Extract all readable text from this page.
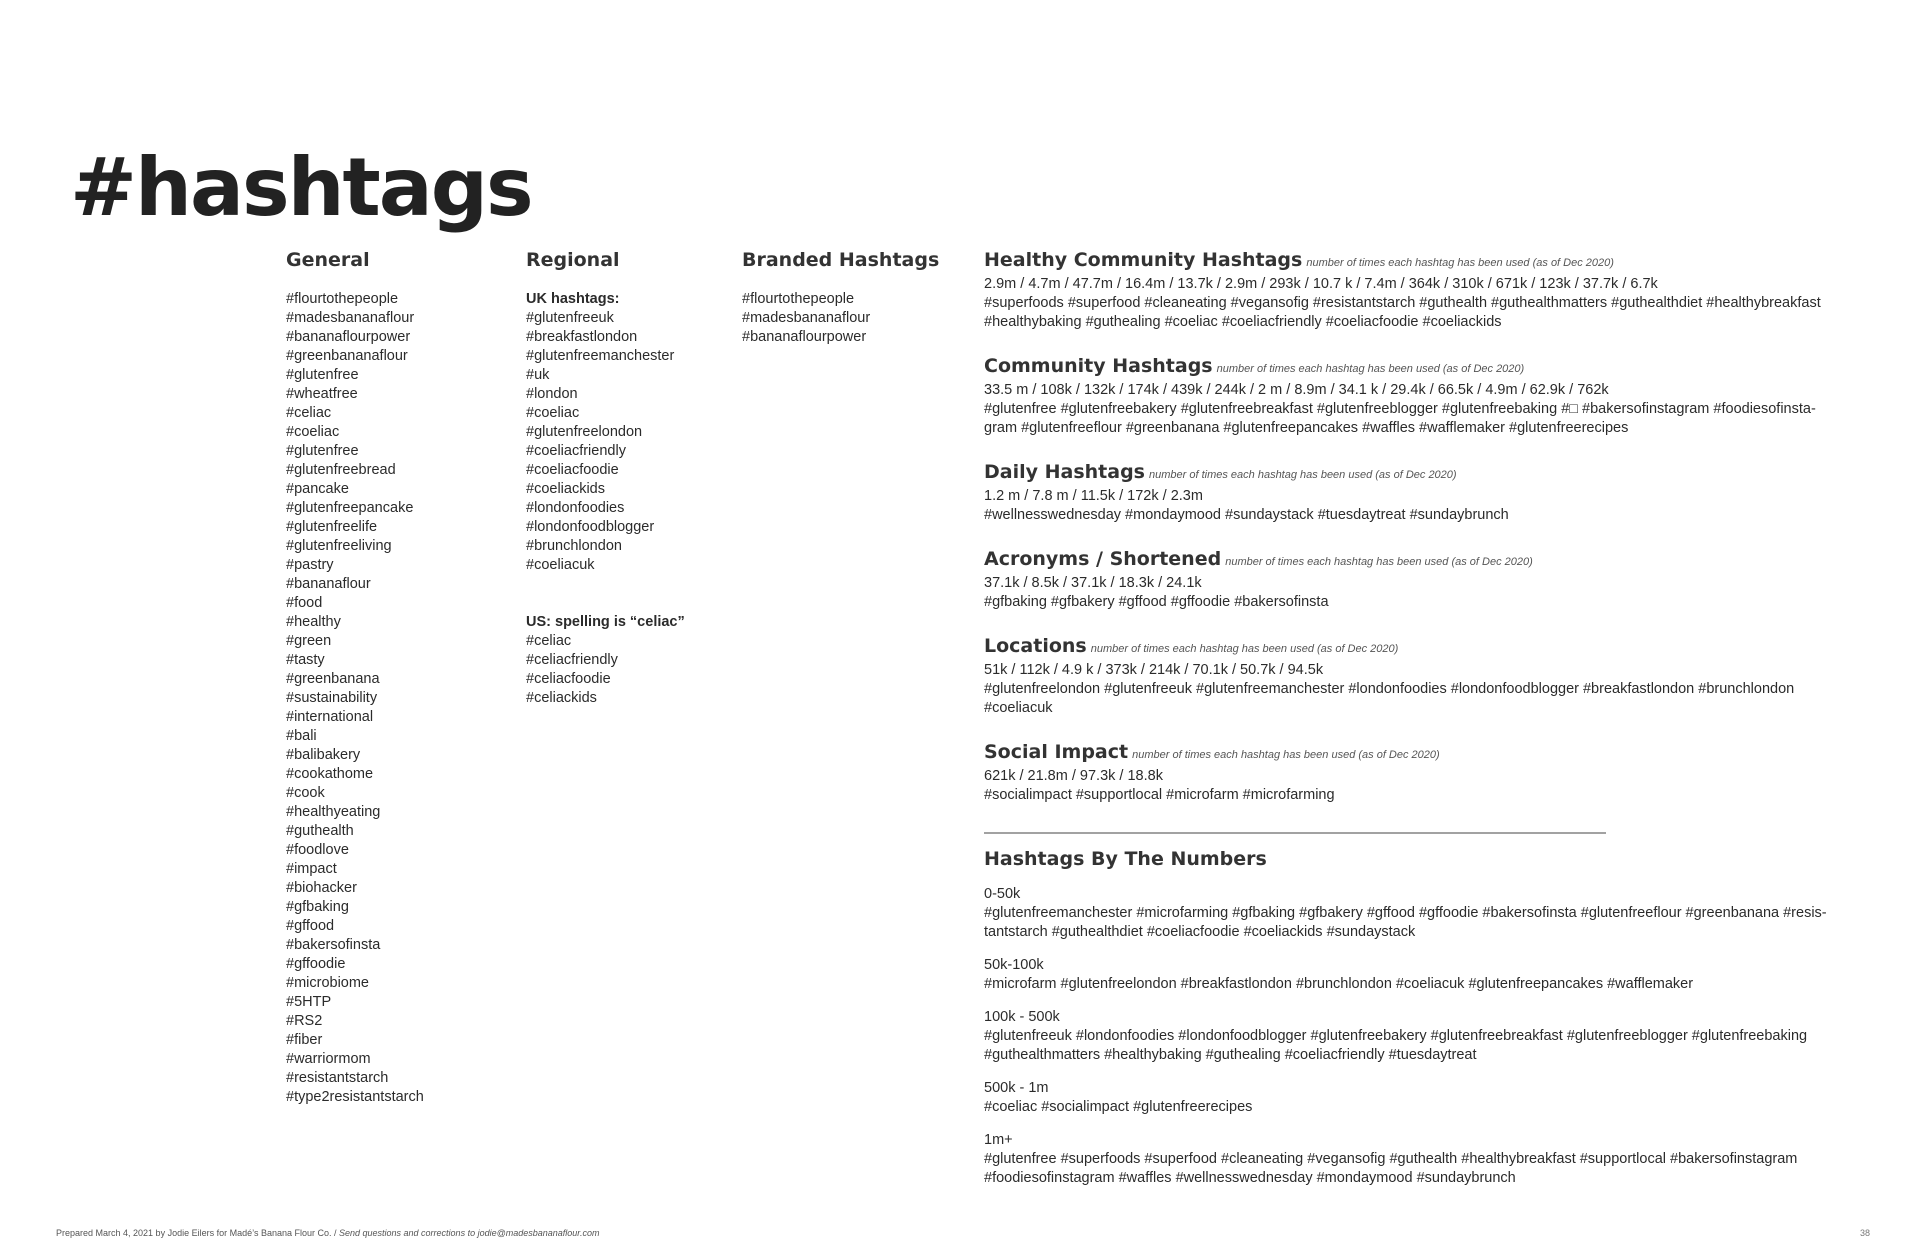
#hashtags
General
#flourtothepeople
#madesbananaflour
#bananaflourpower
#greenbananaflour
#glutenfree
#wheatfree
#celiac
#coeliac
#glutenfree
#glutenfreebread
#pancake
#glutenfreepancake
#glutenfreelife
#glutenfreeliving
#pastry
#bananaflour
#food
#healthy
#green
#tasty
#greenbanana
#sustainability
#international
#bali
#balibakery
#cookathome
#cook
#healthyeating
#guthealth
#foodlove
#impact
#biohacker
#gfbaking
#gffood
#bakersofinsta
#gffoodie
#microbiome
#5HTP
#RS2
#fiber
#warriormom
#resistantstarch
#type2resistantstarch
Regional
UK hashtags:
#glutenfreeuk
#breakfastlondon
#glutenfreemanchester
#uk
#london
#coeliac
#glutenfreelondon
#coeliacfriendly
#coeliacfoodie
#coeliackids
#londonfoodies
#londonfoodblogger
#brunchlondon
#coeliacuk
US: spelling is “celiac”
#celiac
#celiacfriendly
#celiacfoodie
#celiackids
Branded Hashtags
#flourtothepeople
#madesbananaflour
#bananaflourpower
Healthy Community Hashtags number of times each hashtag has been used (as of Dec 2020)
2.9m / 4.7m / 47.7m / 16.4m / 13.7k / 2.9m / 293k / 10.7 k / 7.4m / 364k / 310k / 671k / 123k / 37.7k / 6.7k
#superfoods #superfood #cleaneating #vegansofig #resistantstarch #guthealth #guthealthmatters #guthealthdiet #healthybreakfast
#healthybaking #guthealing #coeliac #coeliacfriendly #coeliacfoodie #coeliackids
Community Hashtags number of times each hashtag has been used (as of Dec 2020)
33.5 m / 108k / 132k / 174k / 439k / 244k / 2 m / 8.9m / 34.1 k / 29.4k / 66.5k / 4.9m / 62.9k / 762k
#glutenfree #glutenfreebakery #glutenfreebreakfast #glutenfreeblogger #glutenfreebaking #□ #bakersofinstagram #foodiesofinsta-
gram #glutenfreeflour #greenbanana #glutenfreepancakes #waffles #wafflemaker #glutenfreerecipes
Daily Hashtags number of times each hashtag has been used (as of Dec 2020)
1.2 m / 7.8 m / 11.5k / 172k / 2.3m
#wellnesswednesday #mondaymood #sundaystack #tuesdaytreat #sundaybrunch
Acronyms / Shortened number of times each hashtag has been used (as of Dec 2020)
37.1k / 8.5k / 37.1k / 18.3k / 24.1k
#gfbaking #gfbakery #gffood #gffoodie #bakersofinsta
Locations number of times each hashtag has been used (as of Dec 2020)
51k / 112k / 4.9 k / 373k / 214k / 70.1k / 50.7k / 94.5k
#glutenfreelondon #glutenfreeuk #glutenfreemanchester #londonfoodies #londonfoodblogger #breakfastlondon #brunchlondon
#coeliacuk
Social Impact number of times each hashtag has been used (as of Dec 2020)
621k / 21.8m / 97.3k / 18.8k
#socialimpact #supportlocal #microfarm #microfarming
——————————————————————————————————————————————
Hashtags By The Numbers
0-50k
#glutenfreemanchester #microfarming #gfbaking #gfbakery #gffood #gffoodie #bakersofinsta #glutenfreeflour #greenbanana #resis-
tantstarch #guthealthdiet #coeliacfoodie #coeliackids #sundaystack
50k-100k
#microfarm #glutenfreelondon #breakfastlondon #brunchlondon #coeliacuk #glutenfreepancakes #wafflemaker
100k - 500k
#glutenfreeuk #londonfoodies #londonfoodblogger #glutenfreebakery #glutenfreebreakfast #glutenfreeblogger #glutenfreebaking
#guthealthmatters #healthybaking #guthealing #coeliacfriendly #tuesdaytreat
500k - 1m
#coeliac #socialimpact #glutenfreerecipes
1m+
#glutenfree #superfoods #superfood #cleaneating #vegansofig #guthealth #healthybreakfast #supportlocal #bakersofinstagram
#foodiesofinstagram #waffles #wellnesswednesday #mondaymood #sundaybrunch
Prepared March 4, 2021 by Jodie Eilers for Madé’s Banana Flour Co. / Send questions and corrections to jodie@madesbananaflour.com	38
